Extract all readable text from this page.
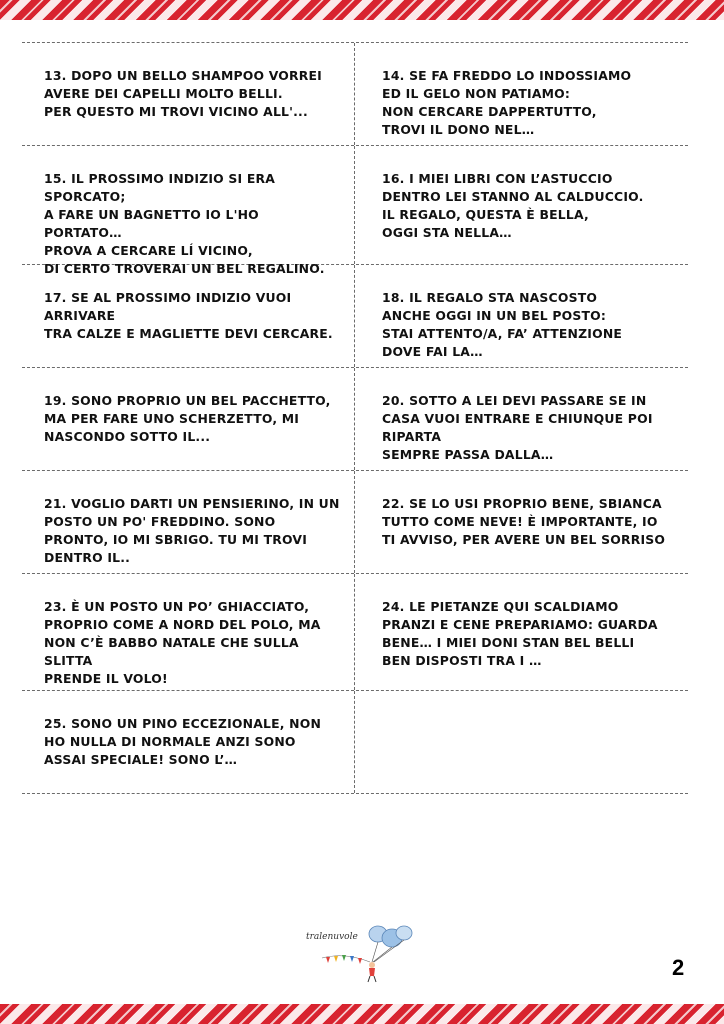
13. DOPO UN BELLO SHAMPOO VORREI
AVERE DEI CAPELLI MOLTO BELLI.
PER QUESTO MI TROVI VICINO ALL'...
14. SE FA FREDDO LO INDOSSIAMO
ED IL GELO NON PATIAMO:
NON CERCARE DAPPERTUTTO,
TROVI IL DONO NEL…
15. IL PROSSIMO INDIZIO SI ERA
SPORCATO;
A FARE UN BAGNETTO IO L'HO PORTATO…
PROVA A CERCARE LÍ VICINO,
DI CERTO TROVERAI UN BEL REGALINO.
16. I MIEI LIBRI CON L’ASTUCCIO
DENTRO LEI STANNO AL CALDUCCIO.
IL REGALO, QUESTA È BELLA,
OGGI STA NELLA…
17. SE AL PROSSIMO INDIZIO VUOI
ARRIVARE
TRA CALZE E MAGLIETTE DEVI CERCARE.
18. IL REGALO STA NASCOSTO
ANCHE OGGI IN UN BEL POSTO:
STAI ATTENTO/A, FA’ ATTENZIONE
DOVE FAI LA…
19. SONO PROPRIO UN BEL PACCHETTO,
MA PER FARE UNO SCHERZETTO, MI
NASCONDO SOTTO IL...
20. SOTTO A LEI DEVI PASSARE SE IN
CASA VUOI ENTRARE E CHIUNQUE POI
RIPARTA
SEMPRE PASSA DALLA…
21. VOGLIO DARTI UN PENSIERINO, IN UN
POSTO UN PO' FREDDINO. SONO
PRONTO, IO MI SBRIGO. TU MI TROVI
DENTRO IL..
22. SE LO USI PROPRIO BENE, SBIANCA
TUTTO COME NEVE! È IMPORTANTE, IO
TI AVVISO, PER AVERE UN BEL SORRISO
23. È UN POSTO UN PO’ GHIACCIATO,
PROPRIO COME A NORD DEL POLO, MA
NON C’È BABBO NATALE CHE SULLA SLITTA
PRENDE IL VOLO!
24. LE PIETANZE QUI SCALDIAMO
PRANZI E CENE PREPARIAMO: GUARDA
BENE… I MIEI DONI STAN BEL BELLI
BEN DISPOSTI TRA I …
25. SONO UN PINO ECCEZIONALE, NON
HO NULLA DI NORMALE ANZI SONO
ASSAI SPECIALE! SONO L’…
tralenuvole
2
